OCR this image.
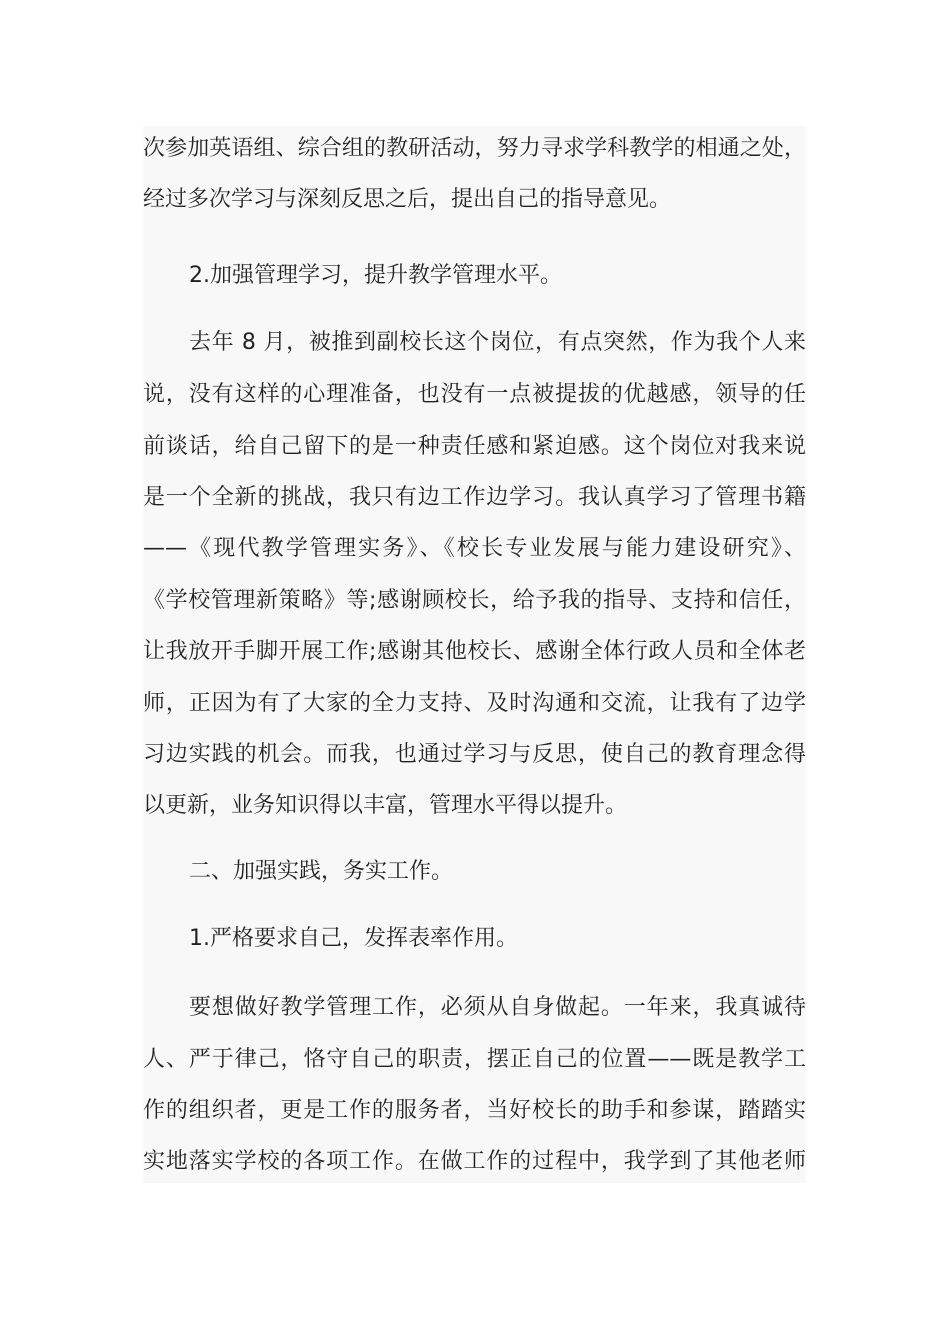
次参加英语组、综合组的教研活动，努力寻求学科教学的相通之处，
经过多次学习与深刻反思之后，提出自己的指导意见。
2.加强管理学习，提升教学管理水平。
去年 8 月，被推到副校长这个岗位，有点突然，作为我个人来
说，没有这样的心理准备，也没有一点被提拔的优越感，领导的任
前谈话，给自己留下的是一种责任感和紧迫感。这个岗位对我来说
是一个全新的挑战，我只有边工作边学习。我认真学习了管理书籍
——《现代教学管理实务》、《校长专业发展与能力建设研究》、
《学校管理新策略》等;感谢顾校长，给予我的指导、支持和信任，
让我放开手脚开展工作;感谢其他校长、感谢全体行政人员和全体老
师，正因为有了大家的全力支持、及时沟通和交流，让我有了边学
习边实践的机会。而我，也通过学习与反思，使自己的教育理念得
以更新，业务知识得以丰富，管理水平得以提升。
二、加强实践，务实工作。
1.严格要求自己，发挥表率作用。
要想做好教学管理工作，必须从自身做起。一年来，我真诚待
人、严于律己，恪守自己的职责，摆正自己的位置——既是教学工
作的组织者，更是工作的服务者，当好校长的助手和参谋，踏踏实
实地落实学校的各项工作。在做工作的过程中，我学到了其他老师
